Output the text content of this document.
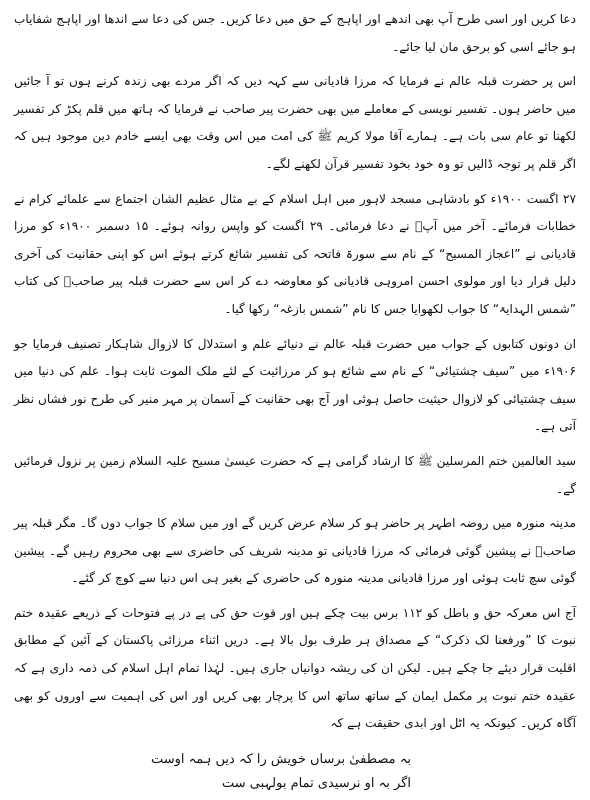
دعا کریں اور اسی طرح آپ بھی اندھے اور اپاہج کے حق میں دعا کریں۔ جس کی دعا سے اندھا اور اپاہج شفایاب ہو جائے اسی کو برحق مان لیا جائے۔

اس پر حضرت قبلہ عالم نے فرمایا کہ مرزا قادیانی سے کہہ دیں کہ اگر مردے بھی زندہ کرنے ہوں تو آ جائیں میں حاضر ہوں۔ تفسیر نویسی کے معاملے میں بھی حضرت پیر صاحب نے فرمایا کہ ہاتھ میں قلم پکڑ کر تفسیر لکھنا تو عام سی بات ہے۔ ہمارے آقا مولا کریم ﷺ کی امت میں اس وقت بھی ایسے خادم دین موجود ہیں کہ اگر قلم پر توجہ ڈالیں تو وہ خود بخود تفسیر قرآن لکھنے لگے۔

۲۷ اگست ۱۹۰۰ء کو بادشاہی مسجد لاہور میں اہل اسلام کے بے مثال عظیم الشان اجتماع سے علمائے کرام نے خطابات فرمائے۔ آخر میں آپؒ نے دعا فرمائی۔ ۲۹ اگست کو واپس روانہ ہوئے۔ ۱۵ دسمبر ۱۹۰۰ء کو مرزا قادیانی نے ”اعجاز المسیح“ کے نام سے سورۃ فاتحہ کی تفسیر شائع کرتے ہوئے اس کو اپنی حقانیت کی آخری دلیل قرار دیا اور مولوی احسن امروہی قادیانی کو معاوضہ دے کر اس سے حضرت قبلہ پیر صاحبؒ کی کتاب ”شمس الہدایۃ“ کا جواب لکھوایا جس کا نام ”شمس بازغہ“ رکھا گیا۔

ان دونوں کتابوں کے جواب میں حضرت قبلہ عالم نے دنیائے علم و استدلال کا لازوال شاہکار تصنیف فرمایا جو ۱۹۰۶ء میں ”سیف چشتیائی“ کے نام سے شائع ہو کر مرزائیت کے لئے ملک الموت ثابت ہوا۔ علم کی دنیا میں سیف چشتیائی کو لازوال حیثیت حاصل ہوئی اور آج بھی حقانیت کے آسمان پر مہر منیر کی طرح نور فشاں نظر آتی ہے۔

سید العالمین ختم المرسلین ﷺ کا ارشاد گرامی ہے کہ حضرت عیسیٰ مسیح علیہ السلام زمین پر نزول فرمائیں گے۔

مدینہ منورہ میں روضہ اطہر پر حاضر ہو کر سلام عرض کریں گے اور میں سلام کا جواب دوں گا۔ مگر قبلہ پیر صاحبؒ نے پیشین گوئی فرمائی کہ مرزا قادیانی تو مدینہ شریف کی حاضری سے بھی محروم رہیں گے۔ پیشین گوئی سچ ثابت ہوئی اور مرزا قادیانی مدینہ منورہ کی حاضری کے بغیر ہی اس دنیا سے کوچ کر گئے۔

آج اس معرکہ حق و باطل کو ۱۱۲ برس بیت چکے ہیں اور قوت حق کی پے در پے فتوحات کے ذریعے عقیدہ ختم نبوت کا ”ورفعنا لک ذکرک“ کے مصداق ہر طرف بول بالا ہے۔ دریں اثناء مرزائی پاکستان کے آئین کے مطابق اقلیت قرار دیئے جا چکے ہیں۔ لیکن ان کی ریشہ دوانیاں جاری ہیں۔ لہٰذا تمام اہل اسلام کی ذمہ داری ہے کہ عقیدہ ختم نبوت پر مکمل ایمان کے ساتھ ساتھ اس کا پرچار بھی کریں اور اس کی اہمیت سے اوروں کو بھی آگاہ کریں۔ کیونکہ یہ اٹل اور ابدی حقیقت ہے کہ

بہ مصطفیٰ برساں خویش را کہ دیں ہمہ اوست
اگر بہ او نرسیدی تمام بولہبی ست
